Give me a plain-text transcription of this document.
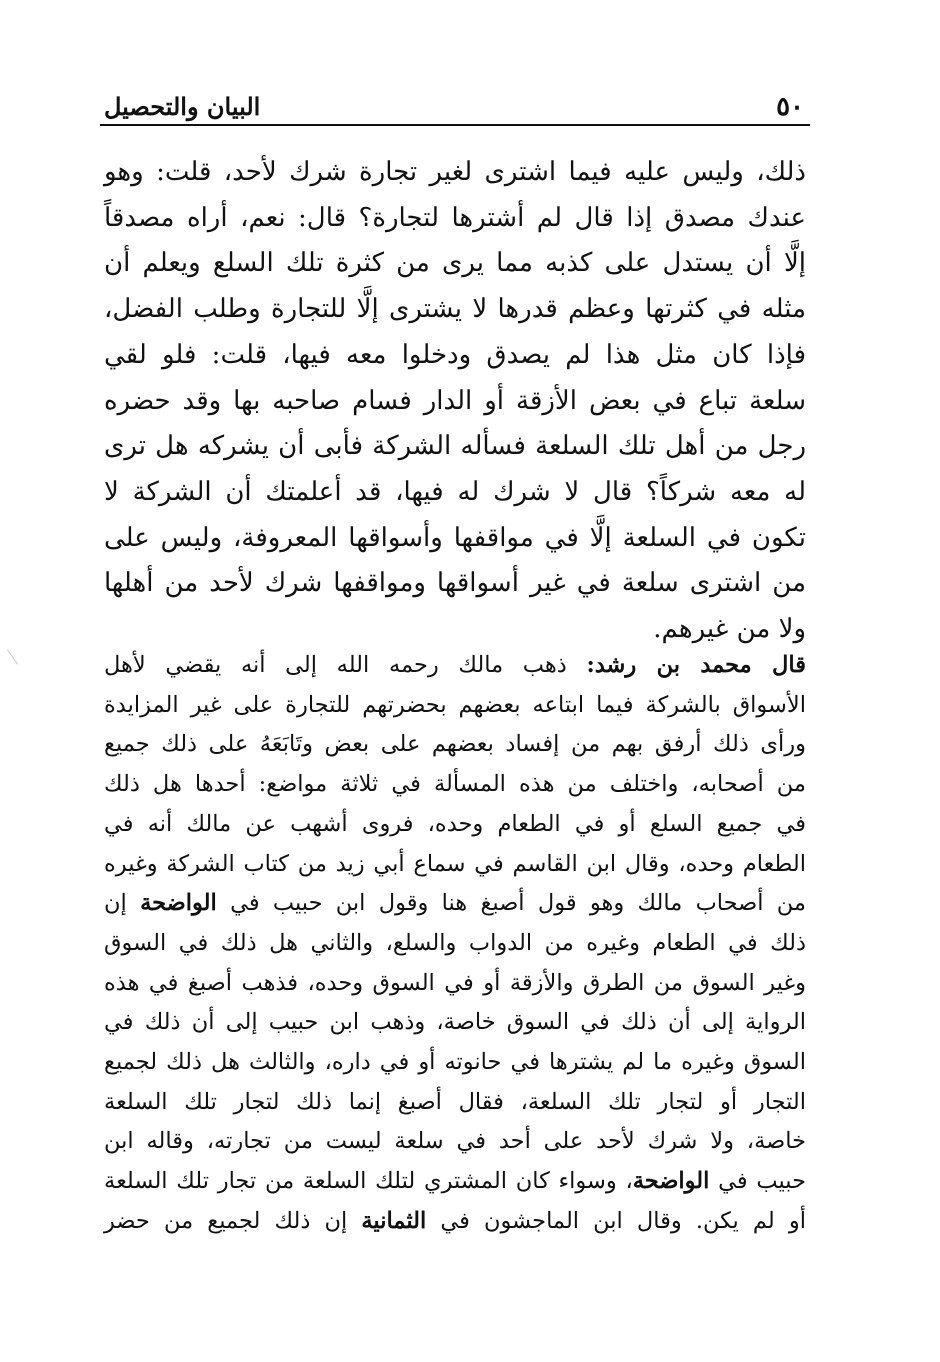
٥٠
البيان والتحصيل
ذلك، وليس عليه فيما اشترى لغير تجارة شرك لأحد، قلت: وهو
عندك مصدق إذا قال لم أشترها لتجارة؟ قال: نعم، أراه مصدقاً
إلَّا أن يستدل على كذبه مما يرى من كثرة تلك السلع ويعلم أن
مثله في كثرتها وعظم قدرها لا يشترى إلَّا للتجارة وطلب الفضل،
فإذا كان مثل هذا لم يصدق ودخلوا معه فيها، قلت: فلو لقي
سلعة تباع في بعض الأزقة أو الدار فسام صاحبه بها وقد حضره
رجل من أهل تلك السلعة فسأله الشركة فأبى أن يشركه هل ترى
له معه شركاً؟ قال لا شرك له فيها، قد أعلمتك أن الشركة لا
تكون في السلعة إلَّا في مواقفها وأسواقها المعروفة، وليس على
من اشترى سلعة في غير أسواقها ومواقفها شرك لأحد من أهلها
ولا من غيرهم.
قال محمد بن رشد: ذهب مالك رحمه الله إلى أنه يقضي لأهل
الأسواق بالشركة فيما ابتاعه بعضهم بحضرتهم للتجارة على غير المزايدة
ورأى ذلك أرفق بهم من إفساد بعضهم على بعض وتَابَعَهُ على ذلك جميع
من أصحابه، واختلف من هذه المسألة في ثلاثة مواضع: أحدها هل ذلك
في جميع السلع أو في الطعام وحده، فروى أشهب عن مالك أنه في
الطعام وحده، وقال ابن القاسم في سماع أبي زيد من كتاب الشركة وغيره
من أصحاب مالك وهو قول أصبغ هنا وقول ابن حبيب في الواضحة إن
ذلك في الطعام وغيره من الدواب والسلع، والثاني هل ذلك في السوق
وغير السوق من الطرق والأزقة أو في السوق وحده، فذهب أصبغ في هذه
الرواية إلى أن ذلك في السوق خاصة، وذهب ابن حبيب إلى أن ذلك في
السوق وغيره ما لم يشترها في حانوته أو في داره، والثالث هل ذلك لجميع
التجار أو لتجار تلك السلعة، فقال أصبغ إنما ذلك لتجار تلك السلعة
خاصة، ولا شرك لأحد على أحد في سلعة ليست من تجارته، وقاله ابن
حبيب في الواضحة، وسواء كان المشتري لتلك السلعة من تجار تلك السلعة
أو لم يكن. وقال ابن الماجشون في الثمانية إن ذلك لجميع من حضر
